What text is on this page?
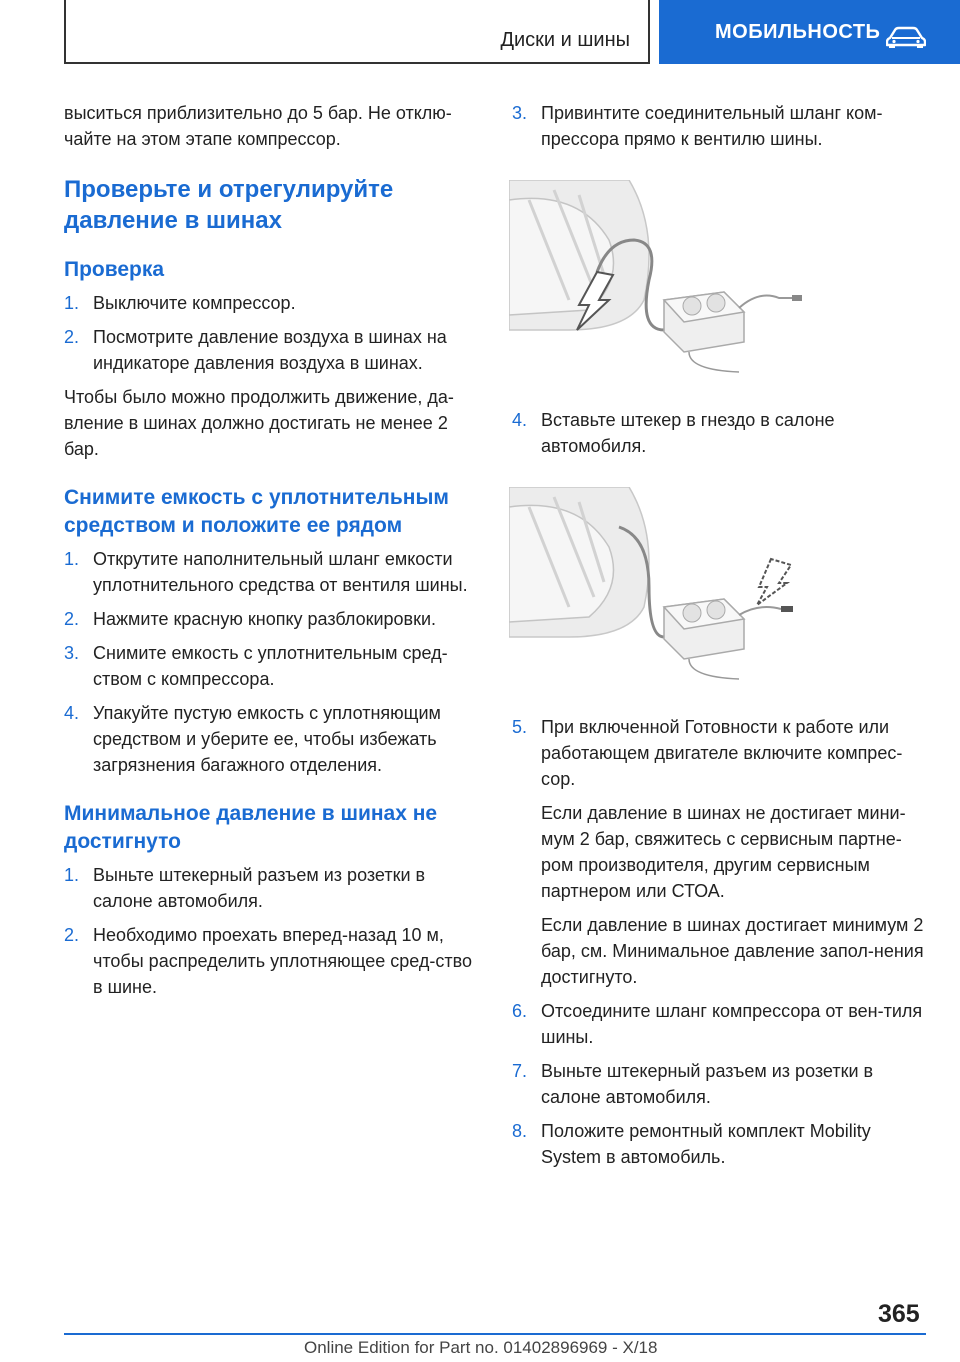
Диски и шины	МОБИЛЬНОСТЬ

выситься приблизительно до 5 бар. Не отклю‐чайте на этом этапе компрессор.

Проверьте и отрегулируйте давление в шинах
Проверка
1. Выключите компрессор.
2. Посмотрите давление воздуха в шинах на индикаторе давления воздуха в шинах.

Чтобы было можно продолжить движение, да‐вление в шинах должно достигать не менее 2 бар.

Снимите емкость с уплотнительным средством и положите ее рядом
1. Открутите наполнительный шланг емкости уплотнительного средства от вентиля шины.
2. Нажмите красную кнопку разблокировки.
3. Снимите емкость с уплотнительным сред‐ством с компрессора.
4. Упакуйте пустую емкость с уплотняющим средством и уберите ее, чтобы избежать загрязнения багажного отделения.
Минимальное давление в шинах не достигнуто
1. Выньте штекерный разъем из розетки в салоне автомобиля.
2. Необходимо проехать вперед-назад 10 м, чтобы распределить уплотняющее сред‐ство в шине.
3. Привинтите соединительный шланг ком‐прессора прямо к вентилю шины.
4. Вставьте штекер в гнездо в салоне автомобиля.
5. При включенной Готовности к работе или работающем двигателе включите компрес‐сор.
Если давление в шинах не достигает мини‐мум 2 бар, свяжитесь с сервисным партне‐ром производителя, другим сервисным партнером или СТОА.
Если давление в шинах достигает минимум 2 бар, см. Минимальное давление запол‐нения достигнуто.
6. Отсоедините шланг компрессора от вен‐тиля шины.
7. Выньте штекерный разъем из розетки в салоне автомобиля.
8. Положите ремонтный комплект Mobility System в автомобиль.
365
Online Edition for Part no. 01402896969 - X/18
